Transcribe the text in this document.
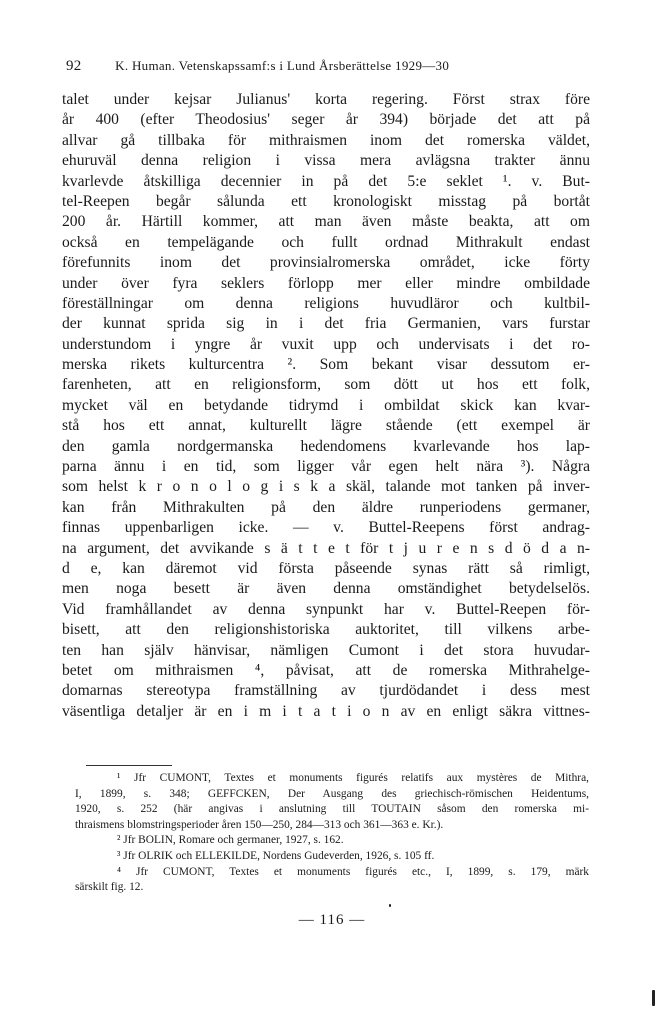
92	K. Human. Vetenskapssamf:s i Lund Årsberättelse 1929—30
talet under kejsar Julianus' korta regering. Först strax före
år 400 (efter Theodosius' seger år 394) började det att på
allvar gå tillbaka för mithraismen inom det romerska väldet,
ehuruväl denna religion i vissa mera avlägsna trakter ännu
kvarlevde åtskilliga decennier in på det 5:e seklet ¹. v. But-
tel-Reepen begår sålunda ett kronologiskt misstag på bortåt
200 år. Härtill kommer, att man även måste beakta, att om
också en tempelägande och fullt ordnad Mithrakult endast
förefunnits inom det provinsialromerska området, icke förty
under över fyra seklers förlopp mer eller mindre ombildade
föreställningar om denna religions huvudläror och kultbil-
der kunnat sprida sig in i det fria Germanien, vars furstar
understundom i yngre år vuxit upp och undervisats i det ro-
merska rikets kulturcentra ². Som bekant visar dessutom er-
farenheten, att en religionsform, som dött ut hos ett folk,
mycket väl en betydande tidrymd i ombildat skick kan kvar-
stå hos ett annat, kulturellt lägre stående (ett exempel är
den gamla nordgermanska hedendomens kvarlevande hos lap-
parna ännu i en tid, som ligger vår egen helt nära ³). Några
som helst k r o n o l o g i s k a skäl, talande mot tanken på inver-
kan från Mithrakulten på den äldre runperiodens germaner,
finnas uppenbarligen icke. — v. Buttel-Reepens först andrag-
na argument, det avvikande s ä t t e t för t j u r e n s d ö d a n-
d e, kan däremot vid första påseende synas rätt så rimligt,
men noga besett är även denna omständighet betydelselös.
Vid framhållandet av denna synpunkt har v. Buttel-Reepen för-
bisett, att den religionshistoriska auktoritet, till vilkens arbe-
ten han själv hänvisar, nämligen Cumont i det stora huvudar-
betet om mithraismen ⁴, påvisat, att de romerska Mithrahelge-
domarnas stereotypa framställning av tjurdödandet i dess mest
väsentliga detaljer är en i m i t a t i o n av en enligt säkra vittnes-
¹ Jfr CUMONT, Textes et monuments figurés relatifs aux mystères de Mithra,
I, 1899, s. 348; GEFFCKEN, Der Ausgang des griechisch-römischen Heidentums,
1920, s. 252 (här angivas i anslutning till TOUTAIN såsom den romerska mi-
thraismens blomstringsperioder åren 150—250, 284—313 och 361—363 e. Kr.).
² Jfr BOLIN, Romare och germaner, 1927, s. 162.
³ Jfr OLRIK och ELLEKILDE, Nordens Gudeverden, 1926, s. 105 ff.
⁴ Jfr CUMONT, Textes et monuments figurés etc., I, 1899, s. 179, märk
särskilt fig. 12.
— 116 —
